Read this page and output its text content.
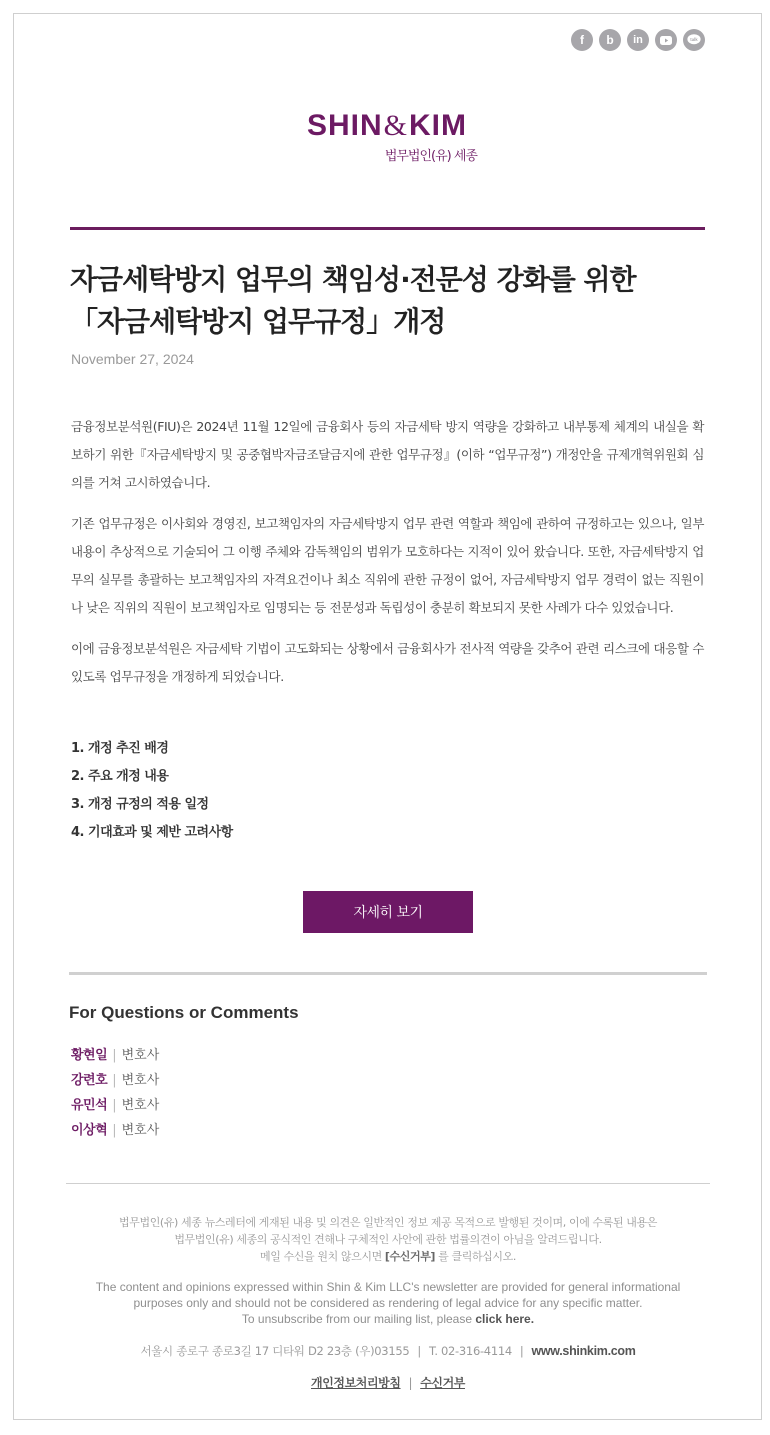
f	b	in	talk
SHIN&KIM
법무법인(유) 세종
자금세탁방지 업무의 책임성·전문성 강화를 위한「자금세탁방지 업무규정」개정
November 27, 2024

금융정보분석원(FIU)은 2024년 11월 12일에 금융회사 등의 자금세탁 방지 역량을 강화하고 내부통제 체계의 내실을 확보하기 위한『자금세탁방지 및 공중협박자금조달금지에 관한 업무규정』(이하 “업무규정”) 개정안을 규제개혁위원회 심의를 거쳐 고시하였습니다.

기존 업무규정은 이사회와 경영진, 보고책임자의 자금세탁방지 업무 관련 역할과 책임에 관하여 규정하고는 있으나, 일부 내용이 추상적으로 기술되어 그 이행 주체와 감독책임의 범위가 모호하다는 지적이 있어 왔습니다. 또한, 자금세탁방지 업무의 실무를 총괄하는 보고책임자의 자격요건이나 최소 직위에 관한 규정이 없어, 자금세탁방지 업무 경력이 없는 직원이나 낮은 직위의 직원이 보고책임자로 임명되는 등 전문성과 독립성이 충분히 확보되지 못한 사례가 다수 있었습니다.

이에 금융정보분석원은 자금세탁 기법이 고도화되는 상황에서 금융회사가 전사적 역량을 갖추어 관련 리스크에 대응할 수 있도록 업무규정을 개정하게 되었습니다.

1. 개정 추진 배경
2. 주요 개정 내용
3. 개정 규정의 적용 일정
4. 기대효과 및 제반 고려사항
자세히 보기
For Questions or Comments
황현일 | 변호사
강련호 | 변호사
유민석 | 변호사
이상혁 | 변호사
법무법인(유) 세종 뉴스레터에 게재된 내용 및 의견은 일반적인 정보 제공 목적으로 발행된 것이며, 이에 수록된 내용은
법무법인(유) 세종의 공식적인 견해나 구체적인 사안에 관한 법률의견이 아님을 알려드립니다.
메일 수신을 원치 않으시면 [수신거부] 를 클릭하십시오.
The content and opinions expressed within Shin & Kim LLC's newsletter are provided for general informational
purposes only and should not be considered as rendering of legal advice for any specific matter.
To unsubscribe from our mailing list, please click here.
서울시 종로구 종로3길 17 디타워 D2 23층 (우)03155 | T. 02-316-4114 | www.shinkim.com
개인정보처리방침 | 수신거부
